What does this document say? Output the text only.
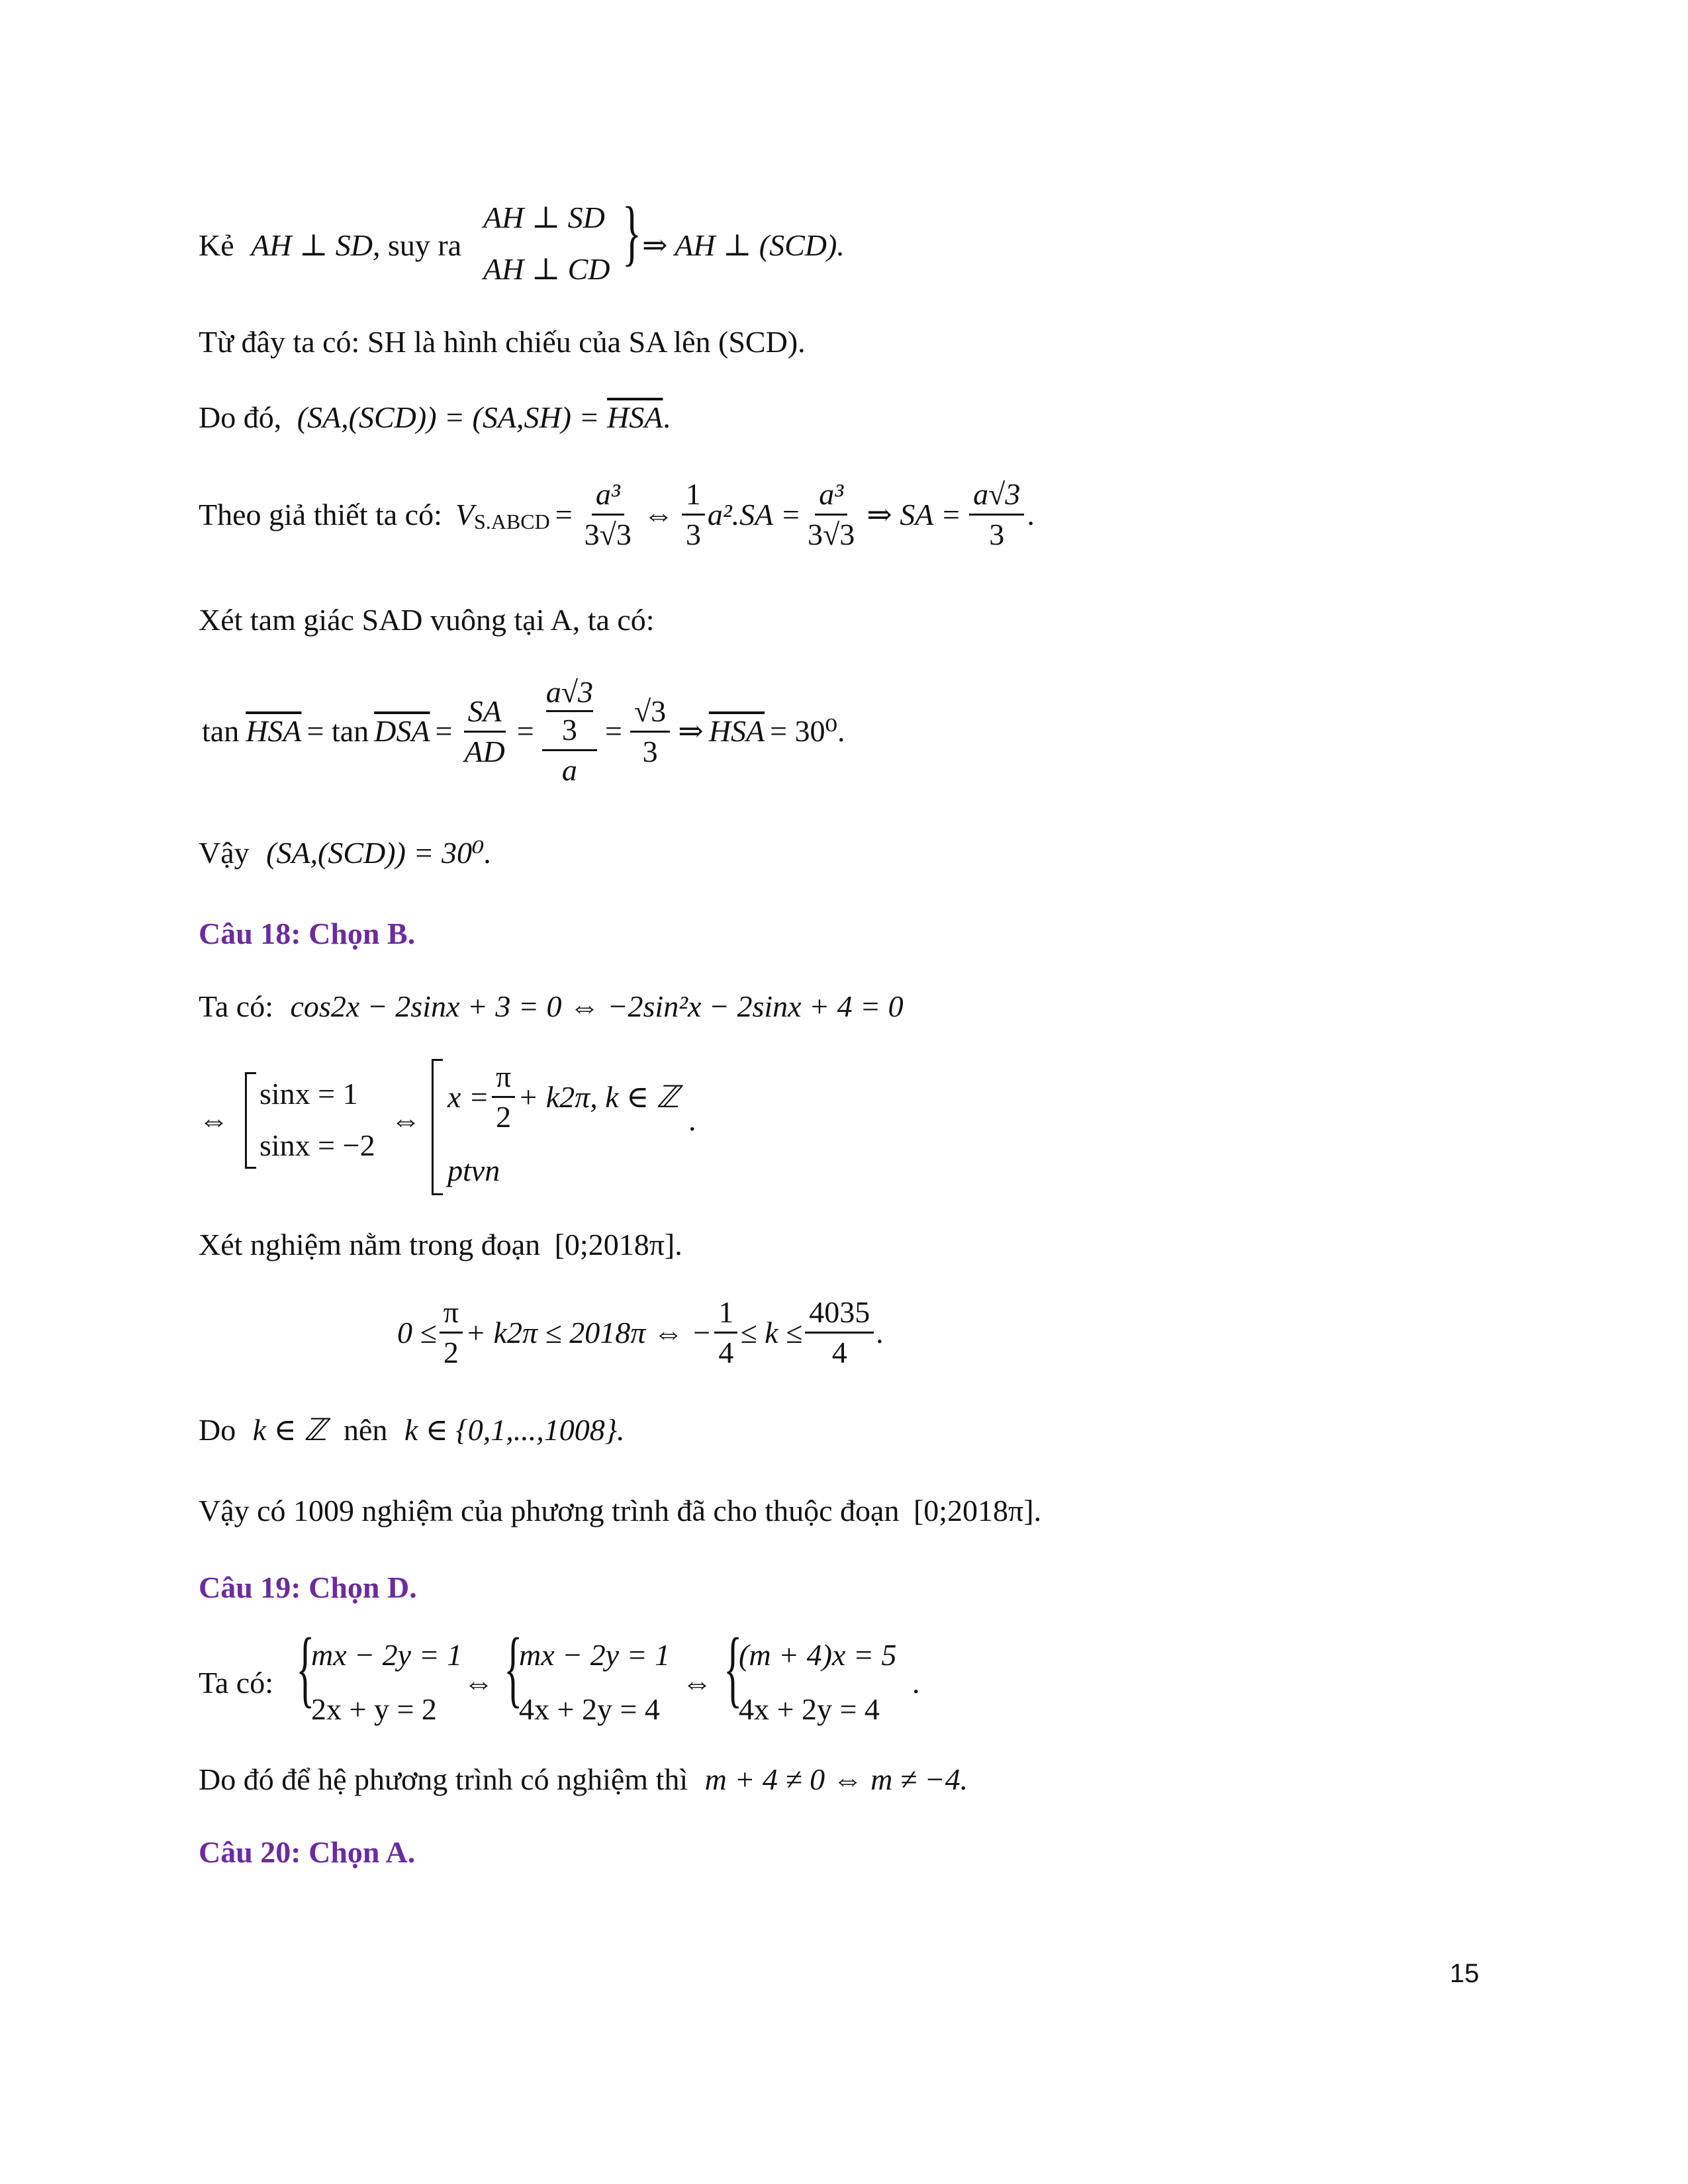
Kẻ AH ⊥ SD, suy ra
AH ⊥ SD
AH ⊥ CD } ⇒ AH ⊥ (SCD).
Từ đây ta có: SH là hình chiếu của SA lên (SCD).
Do đó, $(SA,(SCD)) = (SA,SH) = \overline{HSA}$.
Theo giả thiết ta có: V S.ABCD = $\frac{\text{a³}}{3√3}$ ⇔ $\frac{1}{3} a^2.SA = \frac{\text{a³}}{3√3}$ ⇒ SA = $\frac{a√3}{3}$ .
Xét tam giác SAD vuông tại A, ta có:
$\tan \overline{HSA} = \tan \overline{DSA} = \frac{SA}{AD} = a√3$
3
$a = \frac{√3}{3}$ ⇒ $\overline{HSA} = 30^0$.
Vậy (SA,(SCD)) = 30⁰.
Câu 18: Chọn B.
Ta có: cos2x − 2sinx + 3 = 0 ⇔ −2sin²x − 2sinx + 4 = 0
⇔
sinx = 1
sinx = −2
⇔
$x = \frac{\pi}{2} + k2\pi$, k ∈ ℤ
.
ptvn
Xét nghiệm nằm trong đoạn [0;2018π].
$0 \le \frac{\pi}{2} + k2\pi \le 2018\pi$ ⇔ − $\frac{1}{4} \le k \le \frac{4035}{4}$ .
Do k ∈ ℤ nên k ∈ {0,1,...,1008}.
Vậy có 1009 nghiệm của phương trình đã cho thuộc đoạn [0;2018π].
Câu 19: Chọn D.
Ta có: {
mx − 2y = 1
2x + y = 2
⇔ {
mx − 2y = 1
4x + 2y = 4
⇔ {
(m + 4)x = 5
4x + 2y = 4
.
Do đó để hệ phương trình có nghiệm thì m + 4 ≠ 0 ⇔ m ≠ −4.
Câu 20: Chọn A.
15
